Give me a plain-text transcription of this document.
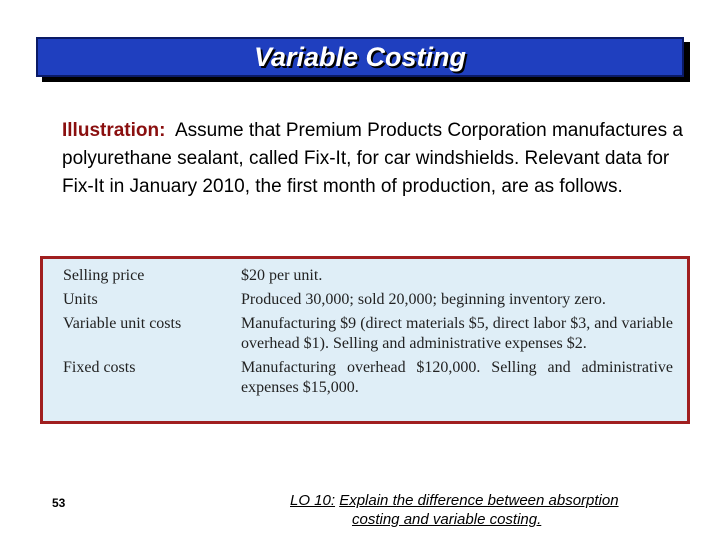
Variable Costing

Illustration: Assume that Premium Products Corporation manufactures a polyurethane sealant, called Fix-It, for car windshields. Relevant data for Fix-It in January 2010, the first month of production, are as follows.

Selling price	$20 per unit.
Units	Produced 30,000; sold 20,000; beginning inventory zero.
Variable unit costs	Manufacturing $9 (direct materials $5, direct labor $3, and variable overhead $1). Selling and administrative expenses $2.
Fixed costs	Manufacturing overhead $120,000. Selling and administrative expenses $15,000.
53	LO 10: Explain the difference between absorption
costing and variable costing.
